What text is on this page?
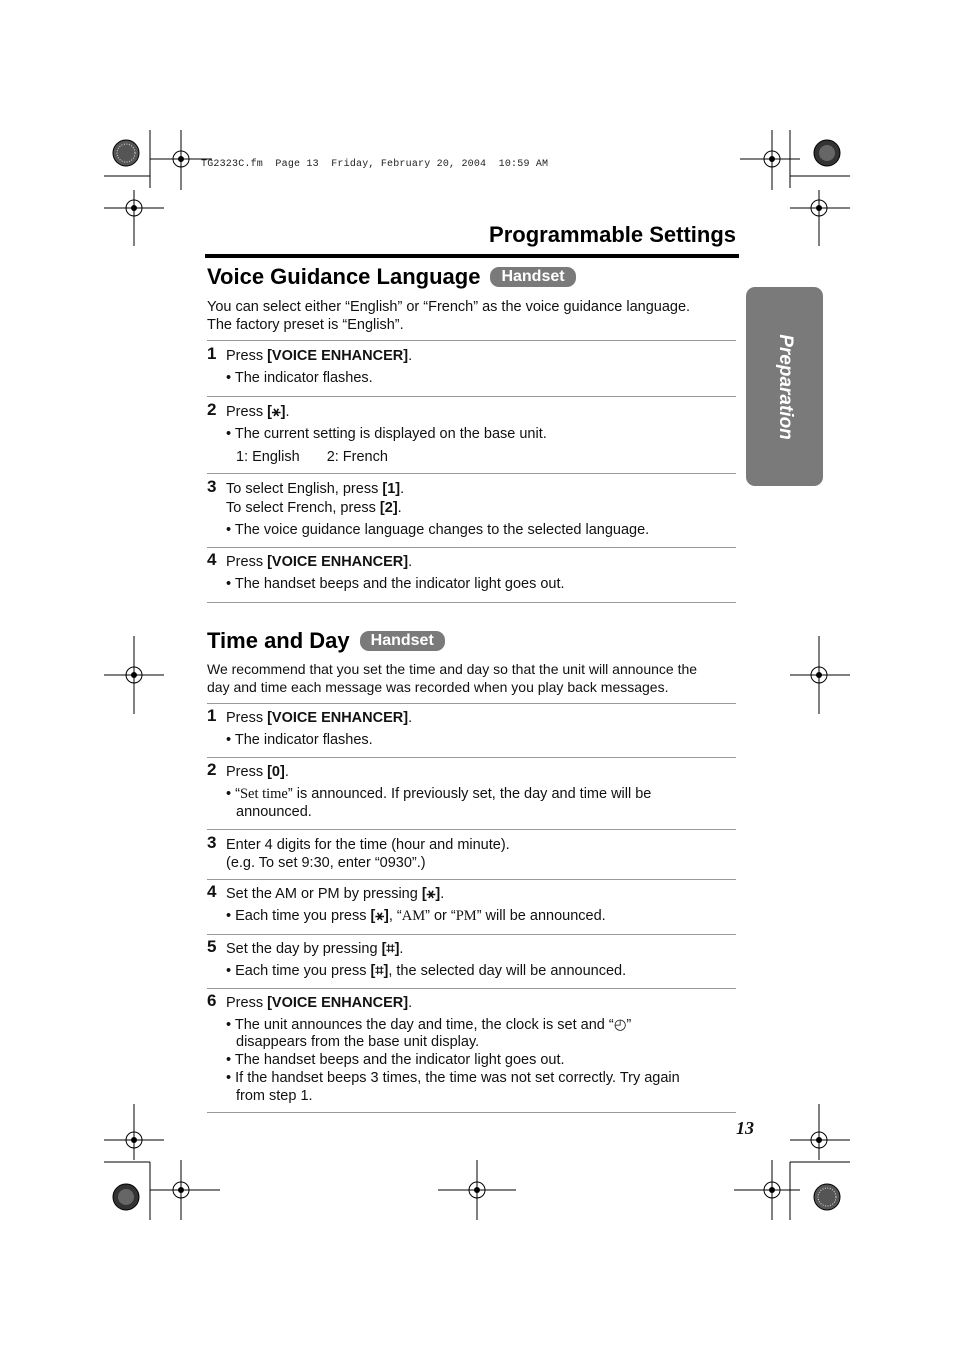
TG2323C.fm  Page 13  Friday, February 20, 2004  10:59 AM
Programmable Settings
Preparation
Voice Guidance Language	Handset
You can select either “English” or “French” as the voice guidance language.
The factory preset is “English”.
1 Press [VOICE ENHANCER].
• The indicator flashes.
2 Press [⚹].
• The current setting is displayed on the base unit.
1: English 2: French
3 To select English, press [1].
To select French, press [2].
• The voice guidance language changes to the selected language.
4 Press [VOICE ENHANCER].
• The handset beeps and the indicator light goes out.
Time and Day	Handset
We recommend that you set the time and day so that the unit will announce the
day and time each message was recorded when you play back messages.
1 Press [VOICE ENHANCER].
• The indicator flashes.
2 Press [0].
• “Set time” is announced. If previously set, the day and time will be
announced.
3 Enter 4 digits for the time (hour and minute).
(e.g. To set 9:30, enter “0930”.)
4 Set the AM or PM by pressing [⚹].
• Each time you press [⚹], “AM” or “PM” will be announced.
5 Set the day by pressing [⌗].
• Each time you press [⌗], the selected day will be announced.
6 Press [VOICE ENHANCER].
• The unit announces the day and time, the clock is set and “◴”
disappears from the base unit display.
• The handset beeps and the indicator light goes out.
• If the handset beeps 3 times, the time was not set correctly. Try again
from step 1.
13
